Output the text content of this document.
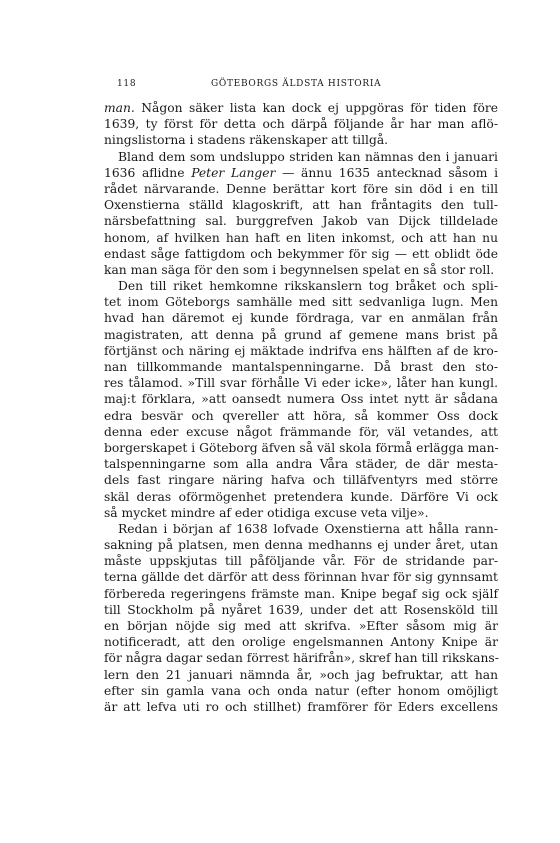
118	GÖTEBORGS ÄLDSTA HISTORIA
man. Någon säker lista kan dock ej uppgöras för tiden före
1639, ty först för detta och därpå följande år har man aflö-
ningslistorna i stadens räkenskaper att tillgå.
Bland dem som undsluppo striden kan nämnas den i januari
1636 aflidne Peter Langer — ännu 1635 antecknad såsom i
rådet närvarande. Denne berättar kort före sin död i en till
Oxenstierna ställd klagoskrift, att han fråntagits den tull-
närsbefattning sal. burggrefven Jakob van Dijck tilldelade
honom, af hvilken han haft en liten inkomst, och att han nu
endast såge fattigdom och bekymmer för sig — ett oblidt öde
kan man säga för den som i begynnelsen spelat en så stor roll.
Den till riket hemkomne rikskanslern tog bråket och spli-
tet inom Göteborgs samhälle med sitt sedvanliga lugn. Men
hvad han däremot ej kunde fördraga, var en anmälan från
magistraten, att denna på grund af gemene mans brist på
förtjänst och näring ej mäktade indrifva ens hälften af de kro-
nan tillkommande mantalspenningarne. Då brast den sto-
res tålamod. »Till svar förhålle Vi eder icke», låter han kungl.
maj:t förklara, »att oansedt numera Oss intet nytt är sådana
edra besvär och qvereller att höra, så kommer Oss dock
denna eder excuse något främmande för, väl vetandes, att
borgerskapet i Göteborg äfven så väl skola förmå erlägga man-
talspenningarne som alla andra Våra städer, de där mesta-
dels fast ringare näring hafva och tilläfventyrs med större
skäl deras oförmögenhet pretendera kunde. Därföre Vi ock
så mycket mindre af eder otidiga excuse veta vilje».
Redan i början af 1638 lofvade Oxenstierna att hålla rann-
sakning på platsen, men denna medhanns ej under året, utan
måste uppskjutas till påföljande vår. För de stridande par-
terna gällde det därför att dess förinnan hvar för sig gynnsamt
förbereda regeringens främste man. Knipe begaf sig ock själf
till Stockholm på nyåret 1639, under det att Rosensköld till
en början nöjde sig med att skrifva. »Efter såsom mig är
notificeradt, att den orolige engelsmannen Antony Knipe är
för några dagar sedan förrest härifrån», skref han till rikskans-
lern den 21 januari nämnda år, »och jag befruktar, att han
efter sin gamla vana och onda natur (efter honom omöjligt
är att lefva uti ro och stillhet) framförer för Eders excellens
